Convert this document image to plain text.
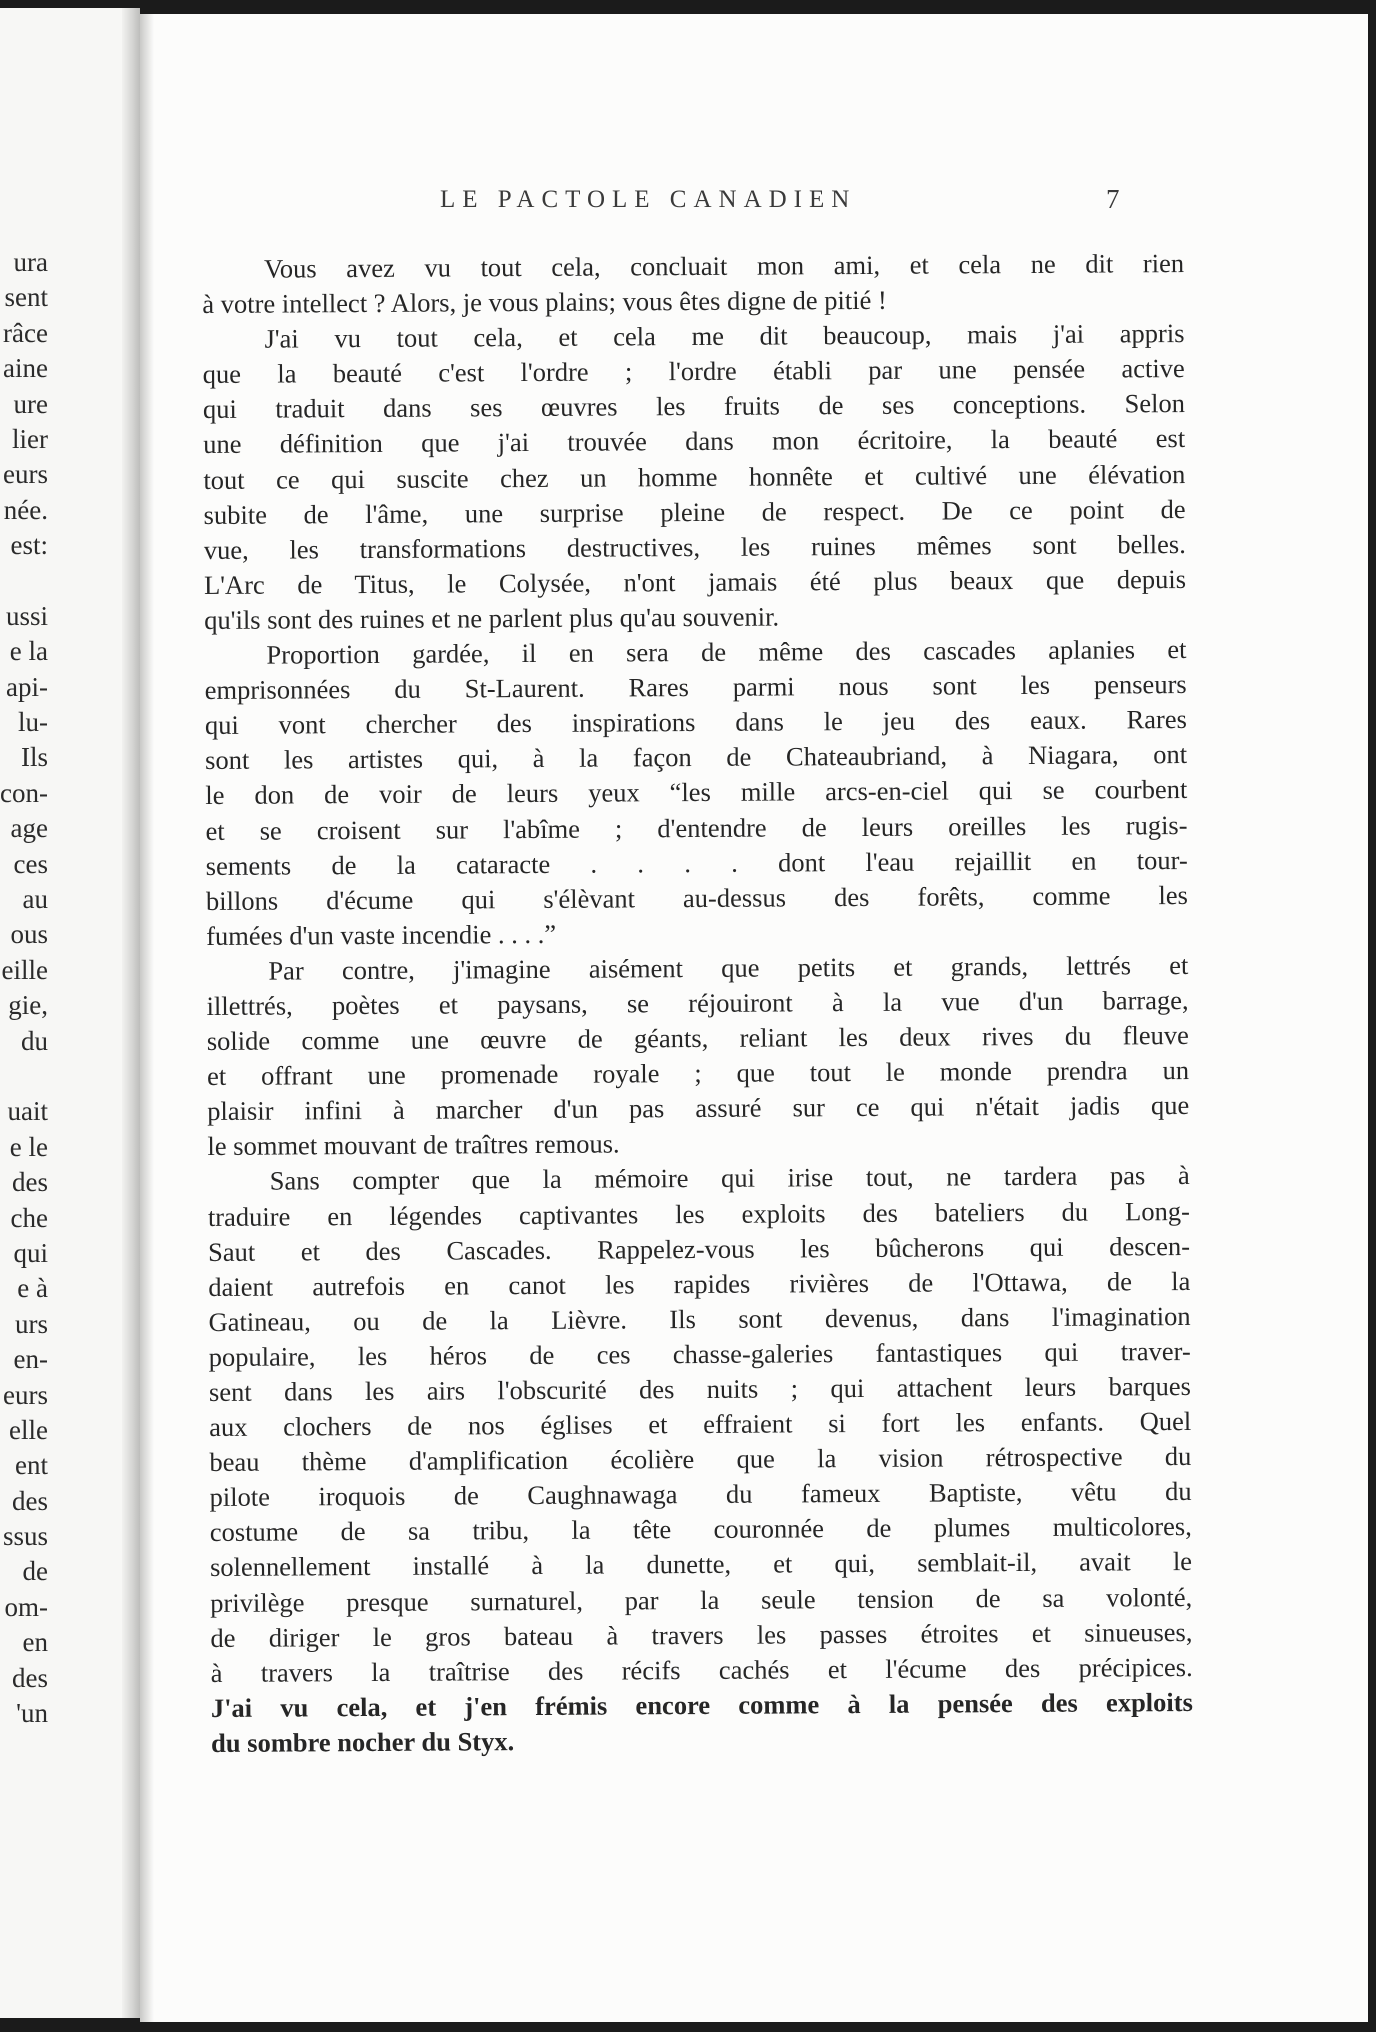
ura
sent
râce
aine
ure
lier
eurs
née.
est:
ussi
e la
api-
lu-
Ils
con-
age
ces
au
ous
eille
gie,
du
uait
e le
des
che
qui
e à
urs
en-
eurs
elle
ent
des
ssus
de
om-
en
des
'un
LE PACTOLE CANADIEN	7
Vous avez vu tout cela, concluait mon ami, et cela ne dit rien
à votre intellect ? Alors, je vous plains; vous êtes digne de pitié !
J'ai vu tout cela, et cela me dit beaucoup, mais j'ai appris
que la beauté c'est l'ordre ; l'ordre établi par une pensée active
qui traduit dans ses œuvres les fruits de ses conceptions. Selon
une définition que j'ai trouvée dans mon écritoire, la beauté est
tout ce qui suscite chez un homme honnête et cultivé une élévation
subite de l'âme, une surprise pleine de respect. De ce point de
vue, les transformations destructives, les ruines mêmes sont belles.
L'Arc de Titus, le Colysée, n'ont jamais été plus beaux que depuis
qu'ils sont des ruines et ne parlent plus qu'au souvenir.
Proportion gardée, il en sera de même des cascades aplanies et
emprisonnées du St-Laurent. Rares parmi nous sont les penseurs
qui vont chercher des inspirations dans le jeu des eaux. Rares
sont les artistes qui, à la façon de Chateaubriand, à Niagara, ont
le don de voir de leurs yeux “les mille arcs-en-ciel qui se courbent
et se croisent sur l'abîme ; d'entendre de leurs oreilles les rugis-
sements de la cataracte . . . . dont l'eau rejaillit en tour-
billons d'écume qui s'élèvant au-dessus des forêts, comme les
fumées d'un vaste incendie . . . .”
Par contre, j'imagine aisément que petits et grands, lettrés et
illettrés, poètes et paysans, se réjouiront à la vue d'un barrage,
solide comme une œuvre de géants, reliant les deux rives du fleuve
et offrant une promenade royale ; que tout le monde prendra un
plaisir infini à marcher d'un pas assuré sur ce qui n'était jadis que
le sommet mouvant de traîtres remous.
Sans compter que la mémoire qui irise tout, ne tardera pas à
traduire en légendes captivantes les exploits des bateliers du Long-
Saut et des Cascades. Rappelez-vous les bûcherons qui descen-
daient autrefois en canot les rapides rivières de l'Ottawa, de la
Gatineau, ou de la Lièvre. Ils sont devenus, dans l'imagination
populaire, les héros de ces chasse-galeries fantastiques qui traver-
sent dans les airs l'obscurité des nuits ; qui attachent leurs barques
aux clochers de nos églises et effraient si fort les enfants. Quel
beau thème d'amplification écolière que la vision rétrospective du
pilote iroquois de Caughnawaga du fameux Baptiste, vêtu du
costume de sa tribu, la tête couronnée de plumes multicolores,
solennellement installé à la dunette, et qui, semblait-il, avait le
privilège presque surnaturel, par la seule tension de sa volonté,
de diriger le gros bateau à travers les passes étroites et sinueuses,
à travers la traîtrise des récifs cachés et l'écume des précipices.
J'ai vu cela, et j'en frémis encore comme à la pensée des exploits
du sombre nocher du Styx.
